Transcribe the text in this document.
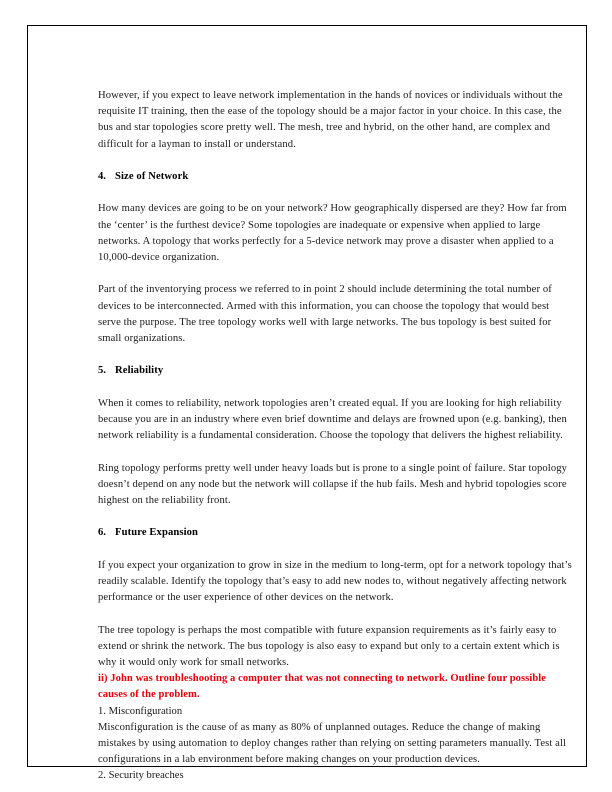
However, if you expect to leave network implementation in the hands of novices or individuals without the requisite IT training, then the ease of the topology should be a major factor in your choice. In this case, the bus and star topologies score pretty well. The mesh, tree and hybrid, on the other hand, are complex and difficult for a layman to install or understand.

4. Size of Network

How many devices are going to be on your network? How geographically dispersed are they? How far from the ‘center’ is the furthest device? Some topologies are inadequate or expensive when applied to large networks. A topology that works perfectly for a 5-device network may prove a disaster when applied to a 10,000-device organization.

Part of the inventorying process we referred to in point 2 should include determining the total number of devices to be interconnected. Armed with this information, you can choose the topology that would best serve the purpose. The tree topology works well with large networks. The bus topology is best suited for small organizations.

5. Reliability

When it comes to reliability, network topologies aren’t created equal. If you are looking for high reliability because you are in an industry where even brief downtime and delays are frowned upon (e.g. banking), then network reliability is a fundamental consideration. Choose the topology that delivers the highest reliability.

Ring topology performs pretty well under heavy loads but is prone to a single point of failure. Star topology doesn’t depend on any node but the network will collapse if the hub fails. Mesh and hybrid topologies score highest on the reliability front.

6. Future Expansion

If you expect your organization to grow in size in the medium to long-term, opt for a network topology that’s readily scalable. Identify the topology that’s easy to add new nodes to, without negatively affecting network performance or the user experience of other devices on the network.

The tree topology is perhaps the most compatible with future expansion requirements as it’s fairly easy to extend or shrink the network. The bus topology is also easy to expand but only to a certain extent which is why it would only work for small networks.

ii) John was troubleshooting a computer that was not connecting to network. Outline four possible causes of the problem.

1. Misconfiguration

Misconfiguration is the cause of as many as 80% of unplanned outages. Reduce the change of making mistakes by using automation to deploy changes rather than relying on setting parameters manually. Test all configurations in a lab environment before making changes on your production devices.

2. Security breaches
